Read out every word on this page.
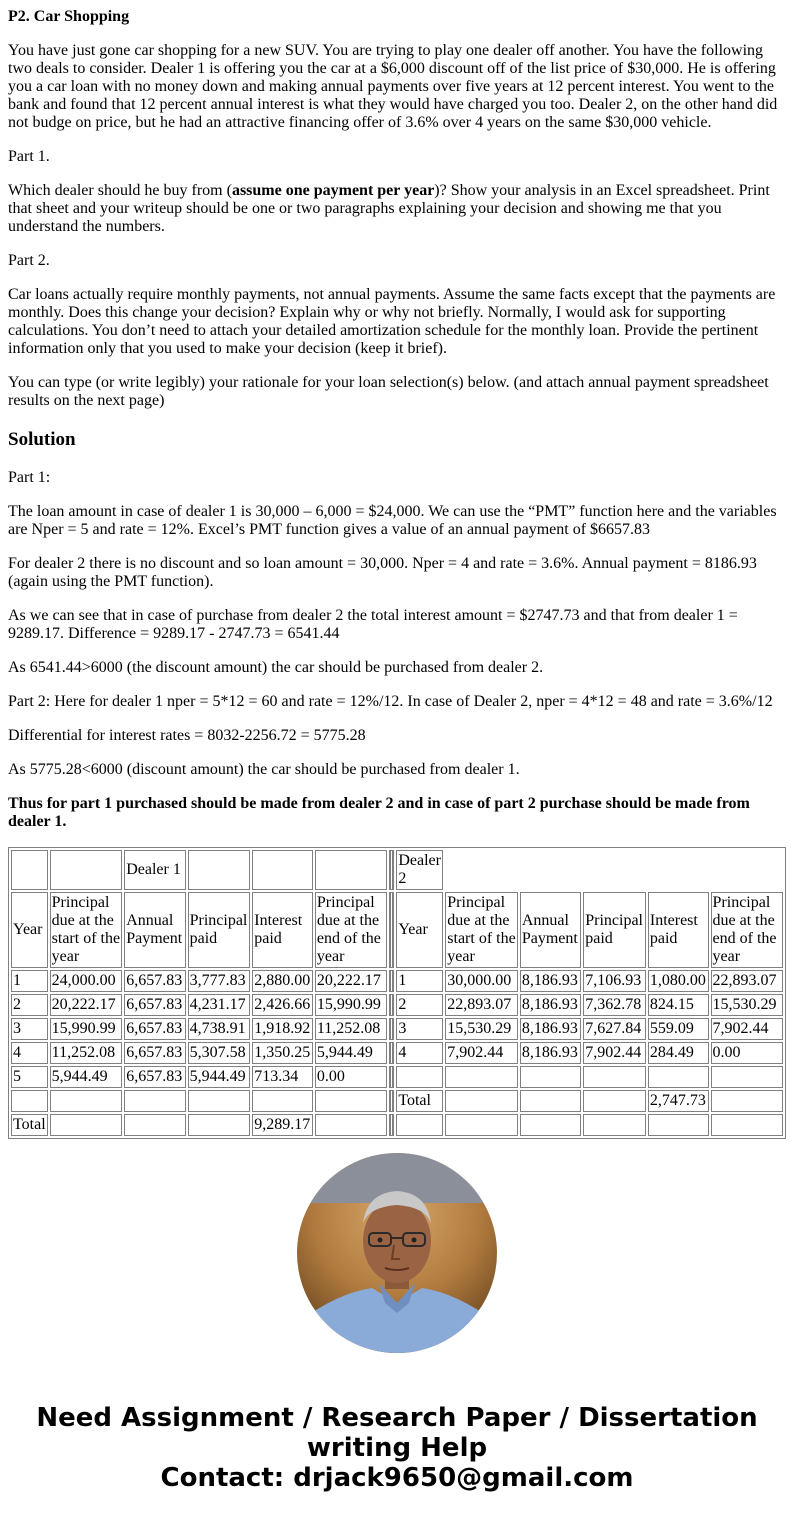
P2. Car Shopping

You have just gone car shopping for a new SUV. You are trying to play one dealer off another. You have the following two deals to consider. Dealer 1 is offering you the car at a $6,000 discount off of the list price of $30,000. He is offering you a car loan with no money down and making annual payments over five years at 12 percent interest. You went to the bank and found that 12 percent annual interest is what they would have charged you too. Dealer 2, on the other hand did not budge on price, but he had an attractive financing offer of 3.6% over 4 years on the same $30,000 vehicle.

Part 1.

Which dealer should he buy from (assume one payment per year)? Show your analysis in an Excel spreadsheet. Print that sheet and your writeup should be one or two paragraphs explaining your decision and showing me that you understand the numbers.

Part 2.

Car loans actually require monthly payments, not annual payments. Assume the same facts except that the payments are monthly. Does this change your decision? Explain why or why not briefly. Normally, I would ask for supporting calculations. You don’t need to attach your detailed amortization schedule for the monthly loan. Provide the pertinent information only that you used to make your decision (keep it brief).

You can type (or write legibly) your rationale for your loan selection(s) below. (and attach annual payment spreadsheet results on the next page)

Solution

Part 1:

The loan amount in case of dealer 1 is 30,000 – 6,000 = $24,000. We can use the “PMT” function here and the variables are Nper = 5 and rate = 12%. Excel’s PMT function gives a value of an annual payment of $6657.83

For dealer 2 there is no discount and so loan amount = 30,000. Nper = 4 and rate = 3.6%. Annual payment = 8186.93 (again using the PMT function).

As we can see that in case of purchase from dealer 2 the total interest amount = $2747.73 and that from dealer 1 = 9289.17. Difference = 9289.17 - 2747.73 = 6541.44

As 6541.44>6000 (the discount amount) the car should be purchased from dealer 2.

Part 2: Here for dealer 1 nper = 5*12 = 60 and rate = 12%/12. In case of Dealer 2, nper = 4*12 = 48 and rate = 3.6%/12

Differential for interest rates = 8032-2256.72 = 5775.28

As 5775.28<6000 (discount amount) the car should be purchased from dealer 1.

Thus for part 1 purchased should be made from dealer 2 and in case of part 2 purchase should be made from dealer 1.

		Dealer 1					Dealer 2					
Year	Principal due at the start of the year	Annual Payment	Principal paid	Interest paid	Principal due at the end of the year		Year	Principal due at the start of the year	Annual Payment	Principal paid	Interest paid	Principal due at the end of the year
1	24,000.00	6,657.83	3,777.83	2,880.00	20,222.17		1	30,000.00	8,186.93	7,106.93	1,080.00	22,893.07
2	20,222.17	6,657.83	4,231.17	2,426.66	15,990.99		2	22,893.07	8,186.93	7,362.78	824.15	15,530.29
3	15,990.99	6,657.83	4,738.91	1,918.92	11,252.08		3	15,530.29	8,186.93	7,627.84	559.09	7,902.44
4	11,252.08	6,657.83	5,307.58	1,350.25	5,944.49		4	7,902.44	8,186.93	7,902.44	284.49	0.00
5	5,944.49	6,657.83	5,944.49	713.34	0.00							
							Total				2,747.73	
Total				9,289.17								
Need Assignment / Research Paper / Dissertation
writing Help
Contact: drjack9650@gmail.com
